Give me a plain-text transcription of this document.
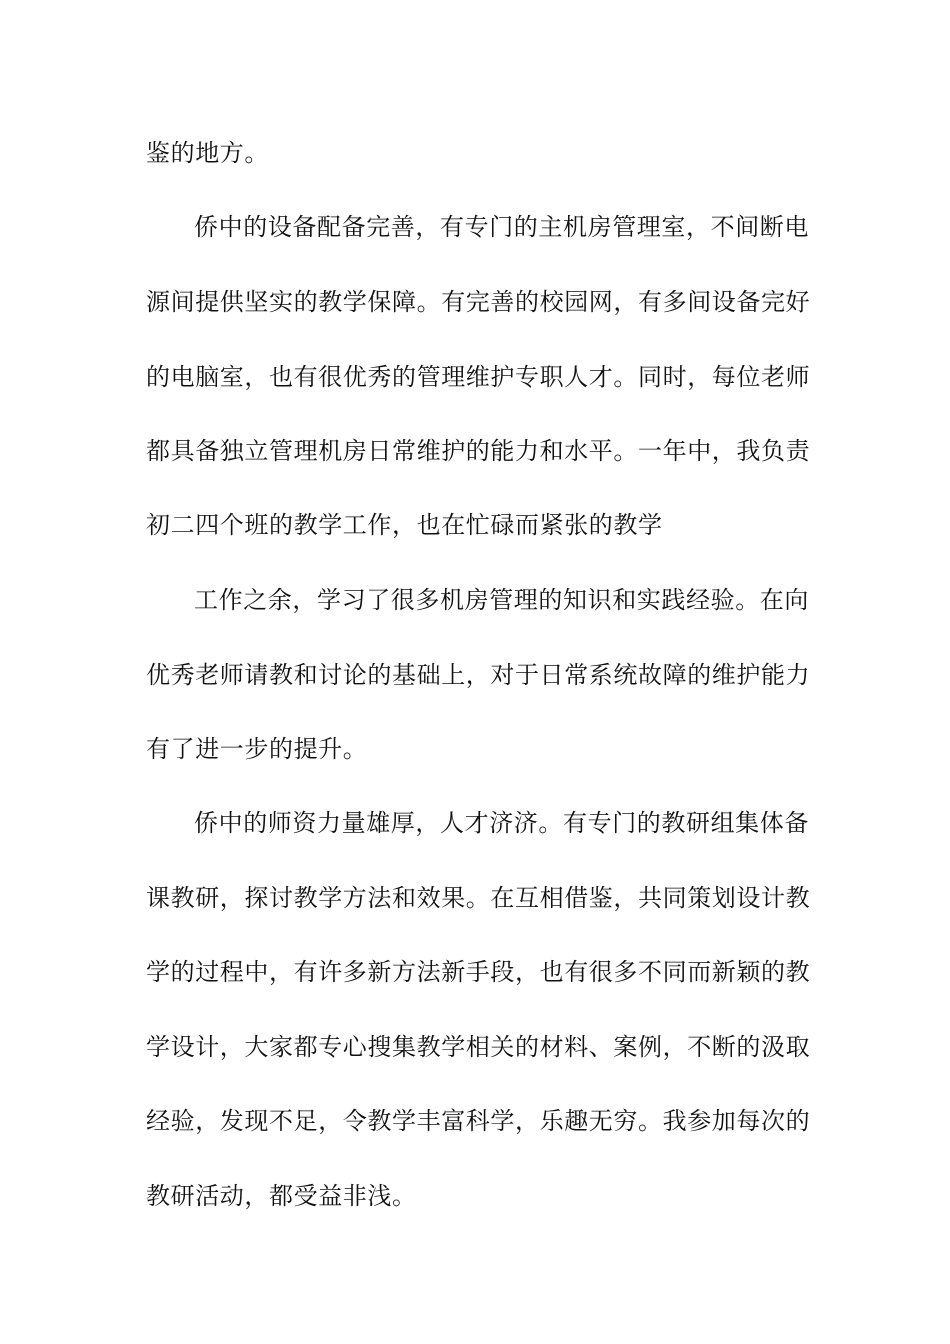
鉴的地方。
侨中的设备配备完善，有专门的主机房管理室，不间断电
源间提供坚实的教学保障。有完善的校园网，有多间设备完好
的电脑室，也有很优秀的管理维护专职人才。同时，每位老师
都具备独立管理机房日常维护的能力和水平。一年中，我负责
初二四个班的教学工作，也在忙碌而紧张的教学
工作之余，学习了很多机房管理的知识和实践经验。在向
优秀老师请教和讨论的基础上，对于日常系统故障的维护能力
有了进一步的提升。
侨中的师资力量雄厚，人才济济。有专门的教研组集体备
课教研，探讨教学方法和效果。在互相借鉴，共同策划设计教
学的过程中，有许多新方法新手段，也有很多不同而新颖的教
学设计，大家都专心搜集教学相关的材料、案例，不断的汲取
经验，发现不足，令教学丰富科学，乐趣无穷。我参加每次的
教研活动，都受益非浅。
